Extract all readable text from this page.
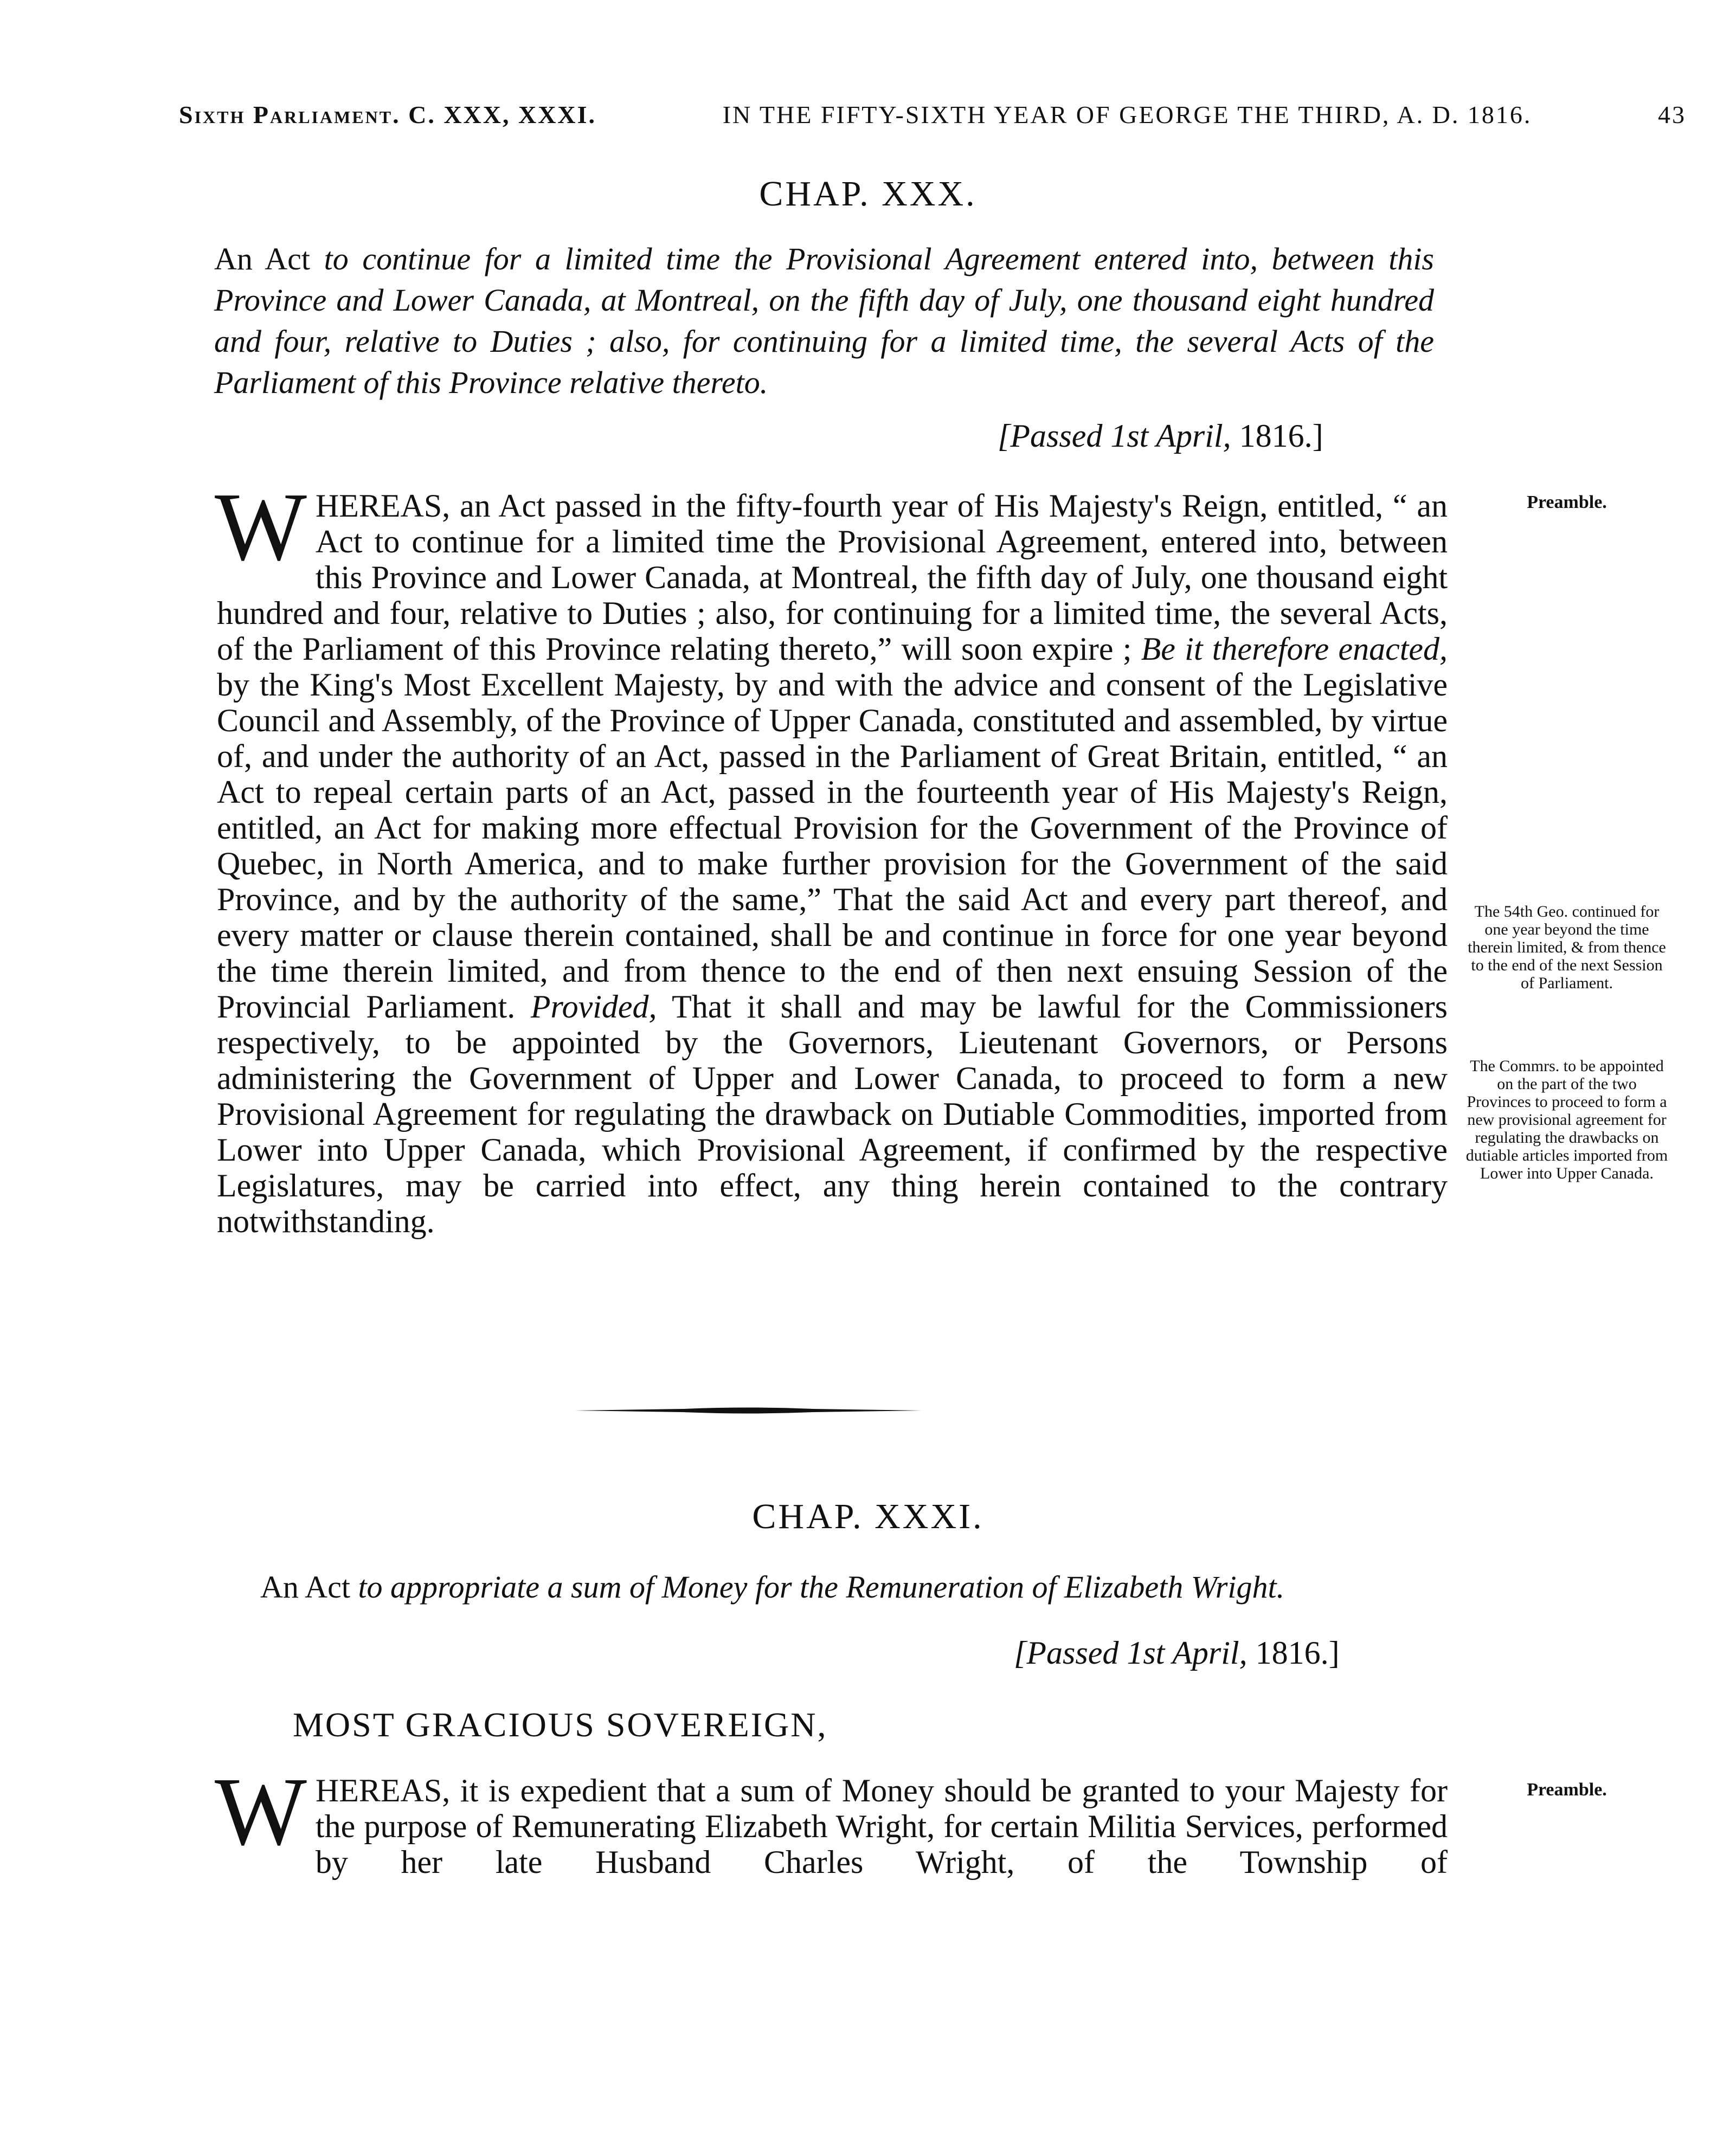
Sixth Parliament. C. XXX, XXXI.	IN THE FIFTY-SIXTH YEAR OF GEORGE THE THIRD, A. D. 1816.	43
CHAP. XXX.
An Act to continue for a limited time the Provisional Agreement entered into, between this Province and Lower Canada, at Montreal, on the fifth day of July, one thousand eight hundred and four, relative to Duties ; also, for continuing for a limited time, the several Acts of the Parliament of this Province relative thereto.
[Passed 1st April, 1816.]
WHEREAS, an Act passed in the fifty-fourth year of His Majesty's Reign, entitled, “ an Act to continue for a limited time the Provisional Agreement, entered into, between this Province and Lower Canada, at Montreal, the fifth day of July, one thousand eight hundred and four, relative to Duties ; also, for continuing for a limited time, the several Acts, of the Parliament of this Province relating thereto,” will soon expire ; Be it therefore enacted, by the King's Most Excellent Majesty, by and with the advice and consent of the Legislative Council and Assembly, of the Province of Upper Canada, constituted and assembled, by virtue of, and under the authority of an Act, passed in the Parliament of Great Britain, entitled, “ an Act to repeal certain parts of an Act, passed in the fourteenth year of His Majesty's Reign, entitled, an Act for making more effectual Provision for the Government of the Province of Quebec, in North America, and to make further provision for the Government of the said Province, and by the authority of the same,” That the said Act and every part thereof, and every matter or clause therein contained, shall be and continue in force for one year beyond the time therein limited, and from thence to the end of then next ensuing Session of the Provincial Parliament. Provided, That it shall and may be lawful for the Commissioners respectively, to be appointed by the Governors, Lieutenant Governors, or Persons administering the Government of Upper and Lower Canada, to proceed to form a new Provisional Agreement for regulating the drawback on Dutiable Commodities, imported from Lower into Upper Canada, which Provisional Agreement, if confirmed by the respective Legislatures, may be carried into effect, any thing herein contained to the contrary notwithstanding.
Preamble.
The 54th Geo. continued for one year beyond the time therein limited, & from thence to the end of the next Session of Parliament.
The Commrs. to be appointed on the part of the two Provinces to proceed to form a new provisional agreement for regulating the drawbacks on dutiable articles imported from Lower into Upper Canada.
CHAP. XXXI.
An Act to appropriate a sum of Money for the Remuneration of Elizabeth Wright.
[Passed 1st April, 1816.]
MOST GRACIOUS SOVEREIGN,
WHEREAS, it is expedient that a sum of Money should be granted to your Majesty for the purpose of Remunerating Elizabeth Wright, for certain Militia Services, performed by her late Husband Charles Wright, of the Township of
Preamble.
